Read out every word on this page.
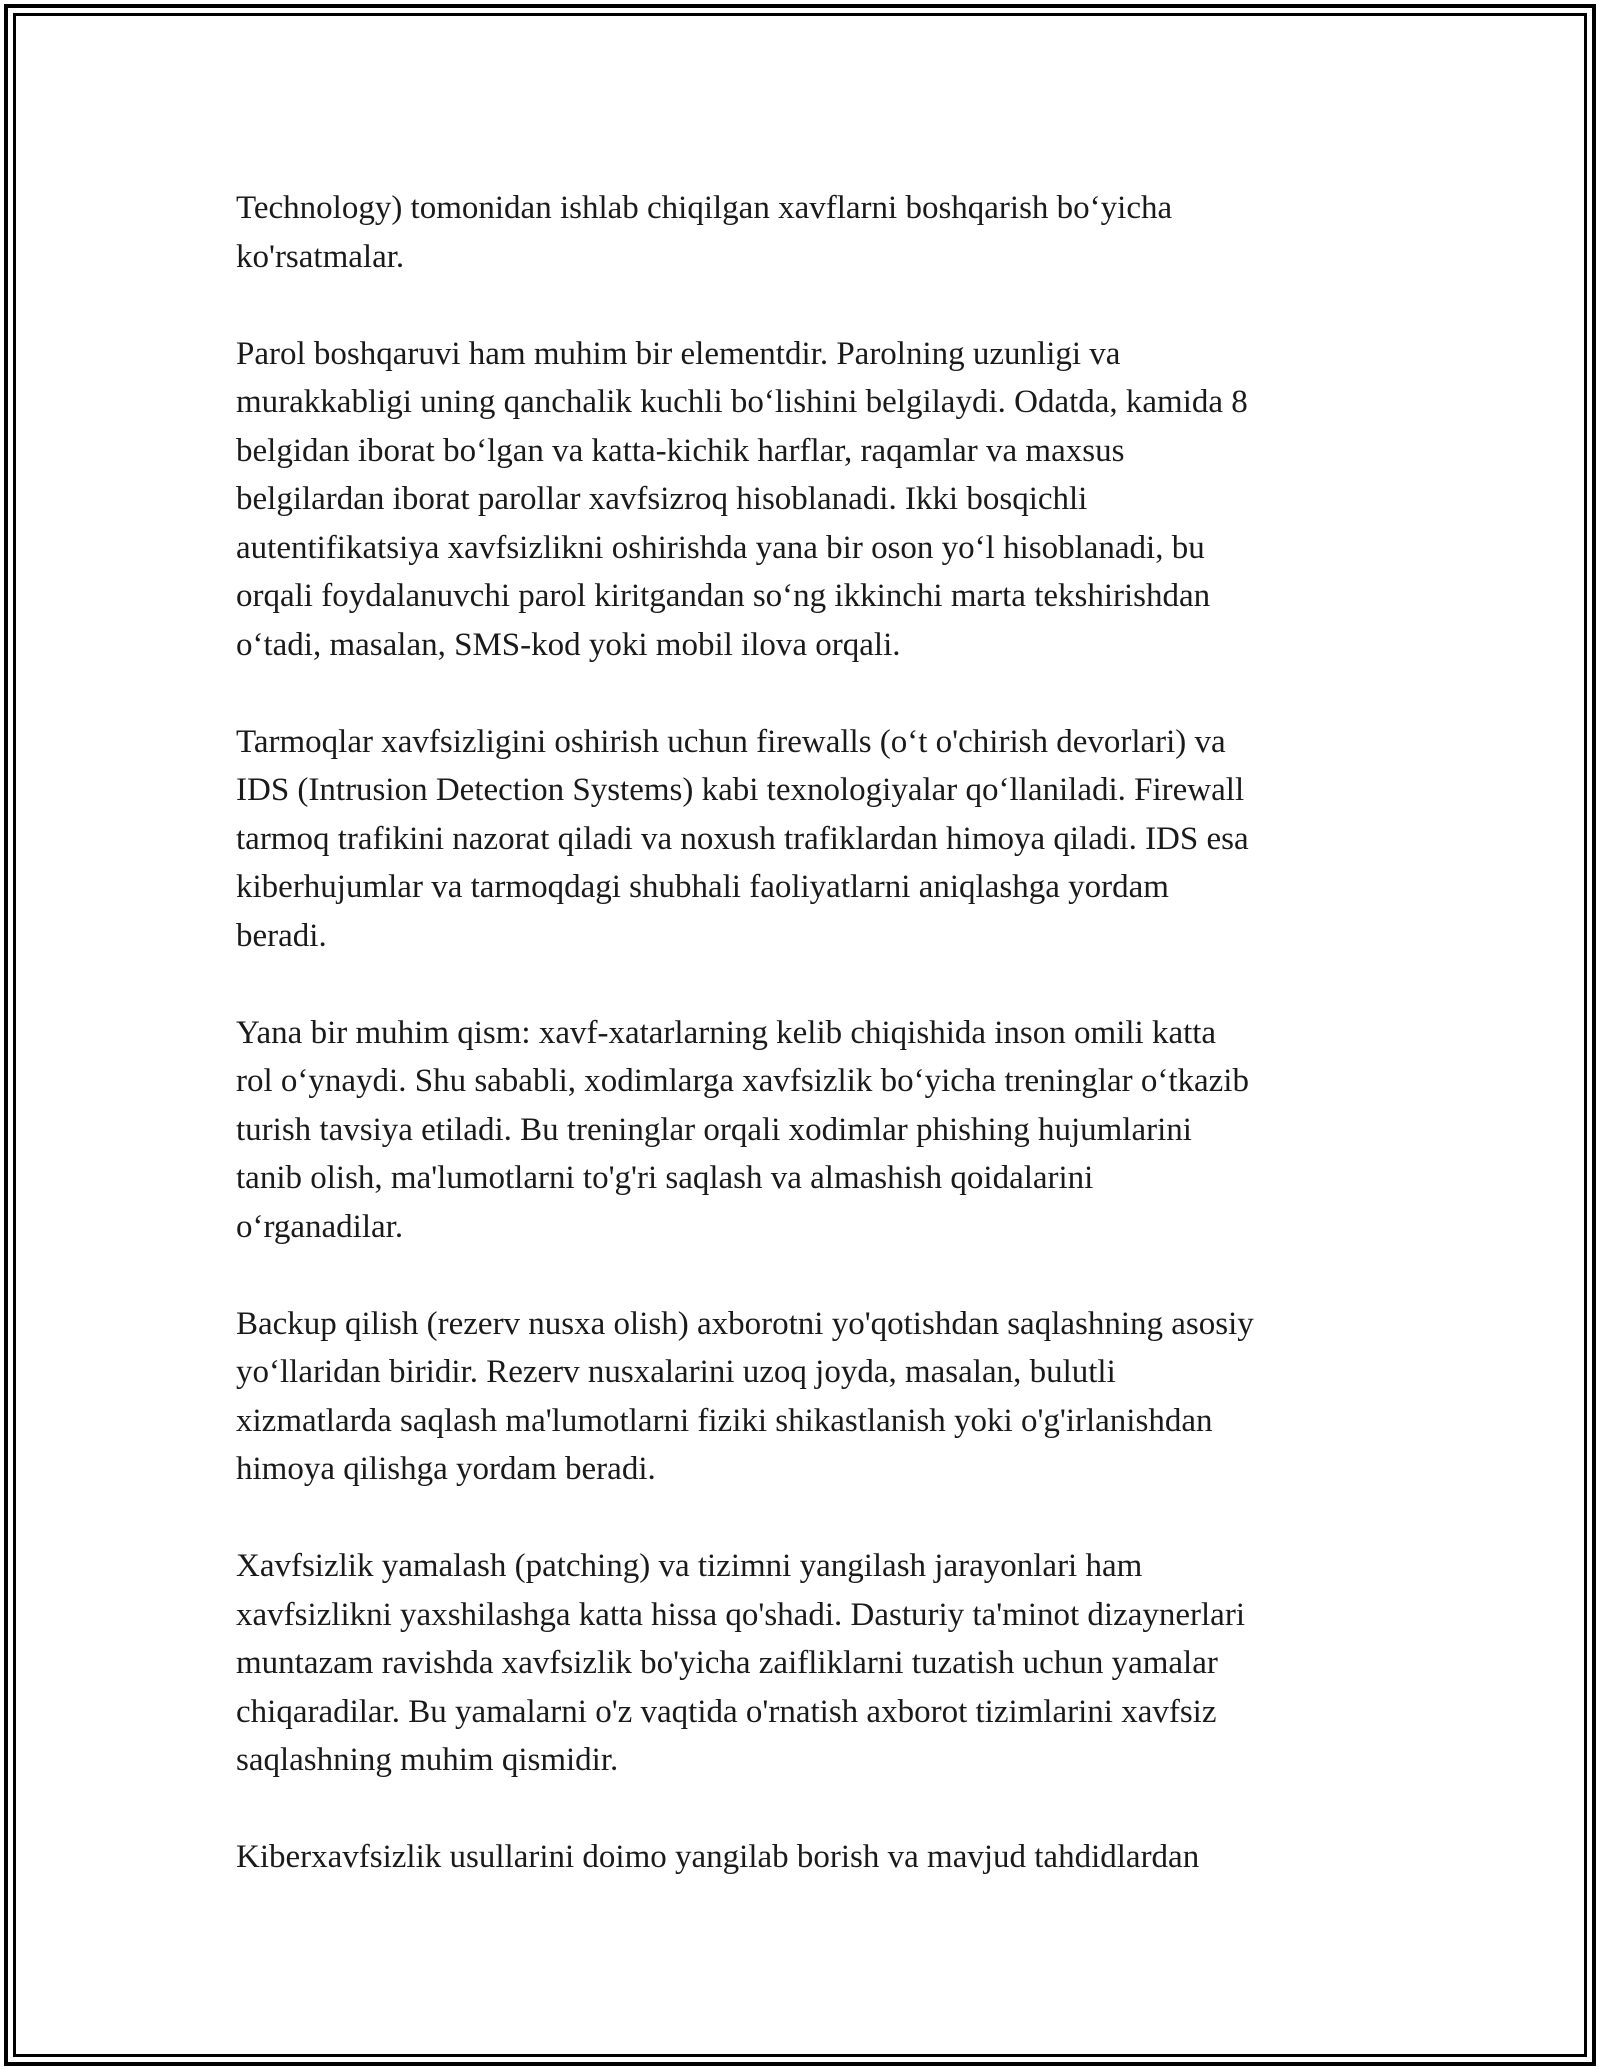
Technology) tomonidan ishlab chiqilgan xavflarni boshqarish bo‘yicha
ko'rsatmalar.
Parol boshqaruvi ham muhim bir elementdir. Parolning uzunligi va
murakkabligi uning qanchalik kuchli bo‘lishini belgilaydi. Odatda, kamida 8
belgidan iborat bo‘lgan va katta-kichik harflar, raqamlar va maxsus
belgilardan iborat parollar xavfsizroq hisoblanadi. Ikki bosqichli
autentifikatsiya xavfsizlikni oshirishda yana bir oson yo‘l hisoblanadi, bu
orqali foydalanuvchi parol kiritgandan so‘ng ikkinchi marta tekshirishdan
o‘tadi, masalan, SMS-kod yoki mobil ilova orqali.
Tarmoqlar xavfsizligini oshirish uchun firewalls (o‘t o'chirish devorlari) va
IDS (Intrusion Detection Systems) kabi texnologiyalar qo‘llaniladi. Firewall
tarmoq trafikini nazorat qiladi va noxush trafiklardan himoya qiladi. IDS esa
kiberhujumlar va tarmoqdagi shubhali faoliyatlarni aniqlashga yordam
beradi.
Yana bir muhim qism: xavf-xatarlarning kelib chiqishida inson omili katta
rol o‘ynaydi. Shu sababli, xodimlarga xavfsizlik bo‘yicha treninglar o‘tkazib
turish tavsiya etiladi. Bu treninglar orqali xodimlar phishing hujumlarini
tanib olish, ma'lumotlarni to'g'ri saqlash va almashish qoidalarini
o‘rganadilar.
Backup qilish (rezerv nusxa olish) axborotni yo'qotishdan saqlashning asosiy
yo‘llaridan biridir. Rezerv nusxalarini uzoq joyda, masalan, bulutli
xizmatlarda saqlash ma'lumotlarni fiziki shikastlanish yoki o'g'irlanishdan
himoya qilishga yordam beradi.
Xavfsizlik yamalash (patching) va tizimni yangilash jarayonlari ham
xavfsizlikni yaxshilashga katta hissa qo'shadi. Dasturiy ta'minot dizaynerlari
muntazam ravishda xavfsizlik bo'yicha zaifliklarni tuzatish uchun yamalar
chiqaradilar. Bu yamalarni o'z vaqtida o'rnatish axborot tizimlarini xavfsiz
saqlashning muhim qismidir.
Kiberxavfsizlik usullarini doimo yangilab borish va mavjud tahdidlardan
